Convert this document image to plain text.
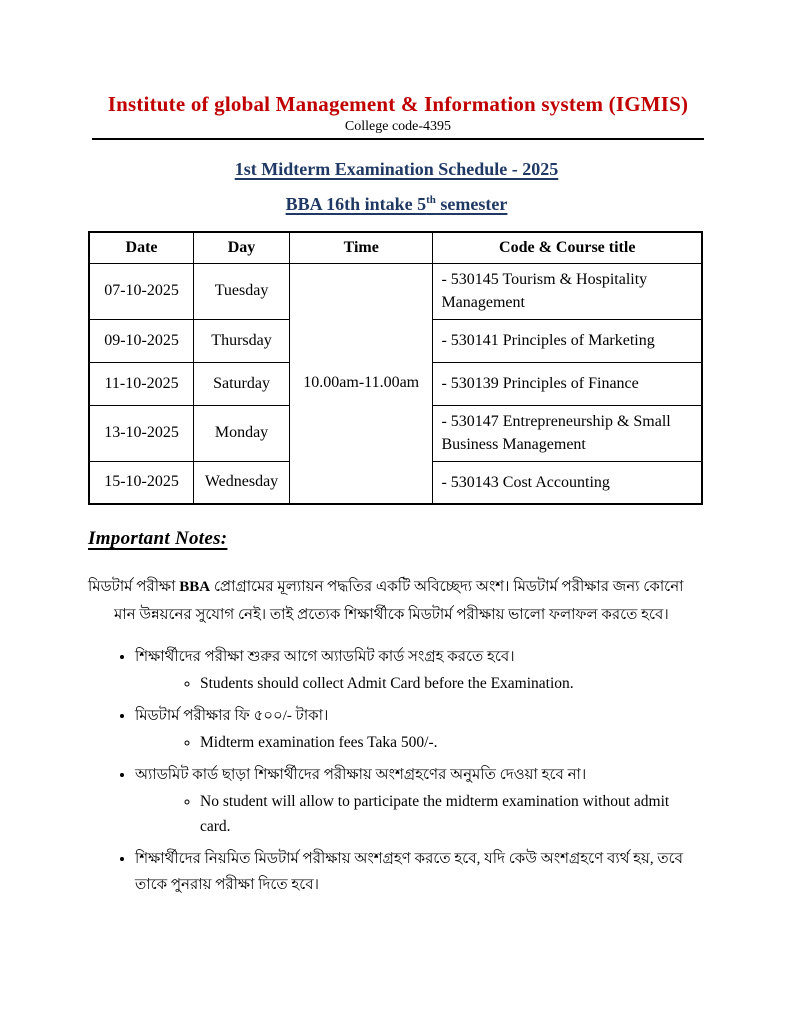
Institute of global Management & Information system (IGMIS)
College code-4395
1st Midterm Examination Schedule - 2025
BBA 16th intake 5th semester
Date	Day	Time	Code & Course title
07-10-2025	Tuesday	10.00am-11.00am	- 530145 Tourism & Hospitality Management
09-10-2025	Thursday		- 530141 Principles of Marketing
11-10-2025	Saturday		- 530139 Principles of Finance
13-10-2025	Monday		- 530147 Entrepreneurship & Small Business Management
15-10-2025	Wednesday		- 530143 Cost Accounting
Important Notes:

মিডটার্ম পরীক্ষা BBA প্রোগ্রামের মূল্যায়ন পদ্ধতির একটি অবিচ্ছেদ্য অংশ। মিডটার্ম পরীক্ষার জন্য কোনো মান উন্নয়নের সুযোগ নেই। তাই প্রত্যেক শিক্ষার্থীকে মিডটার্ম পরীক্ষায় ভালো ফলাফল করতে হবে।

• শিক্ষার্থীদের পরীক্ষা শুরুর আগে অ্যাডমিট কার্ড সংগ্রহ করতে হবে।
◦ Students should collect Admit Card before the Examination.
• মিডটার্ম পরীক্ষার ফি ৫০০/- টাকা।
◦ Midterm examination fees Taka 500/-.
• অ্যাডমিট কার্ড ছাড়া শিক্ষার্থীদের পরীক্ষায় অংশগ্রহণের অনুমতি দেওয়া হবে না।
◦ No student will allow to participate the midterm examination without admit card.
• শিক্ষার্থীদের নিয়মিত মিডটার্ম পরীক্ষায় অংশগ্রহণ করতে হবে, যদি কেউ অংশগ্রহণে ব্যর্থ হয়, তবে তাকে পুনরায় পরীক্ষা দিতে হবে।
